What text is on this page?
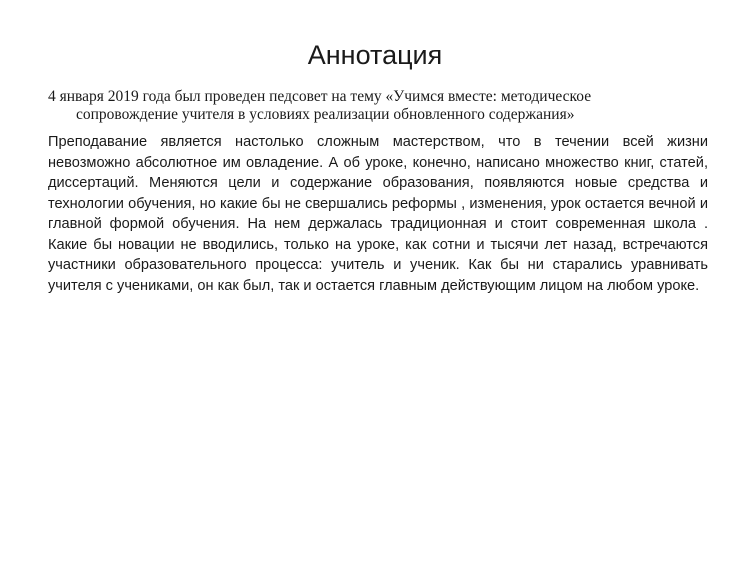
Аннотация

4 января 2019 года был проведен педсовет на тему «Учимся вместе: методическое
сопровождение учителя в условиях реализации обновленного содержания»

Преподавание является настолько сложным мастерством, что в течении всей жизни невозможно абсолютное им овладение. А об уроке, конечно, написано множество книг, статей, диссертаций. Меняются цели и содержание образования, появляются новые средства и технологии обучения, но какие бы не свершались реформы , изменения, урок остается вечной и главной формой обучения. На нем держалась традиционная и стоит современная школа . Какие бы новации не вводились, только на уроке, как сотни и тысячи лет назад, встречаются участники образовательного процесса: учитель и ученик. Как бы ни старались уравнивать учителя с учениками, он как был, так и остается главным действующим лицом на любом уроке.
